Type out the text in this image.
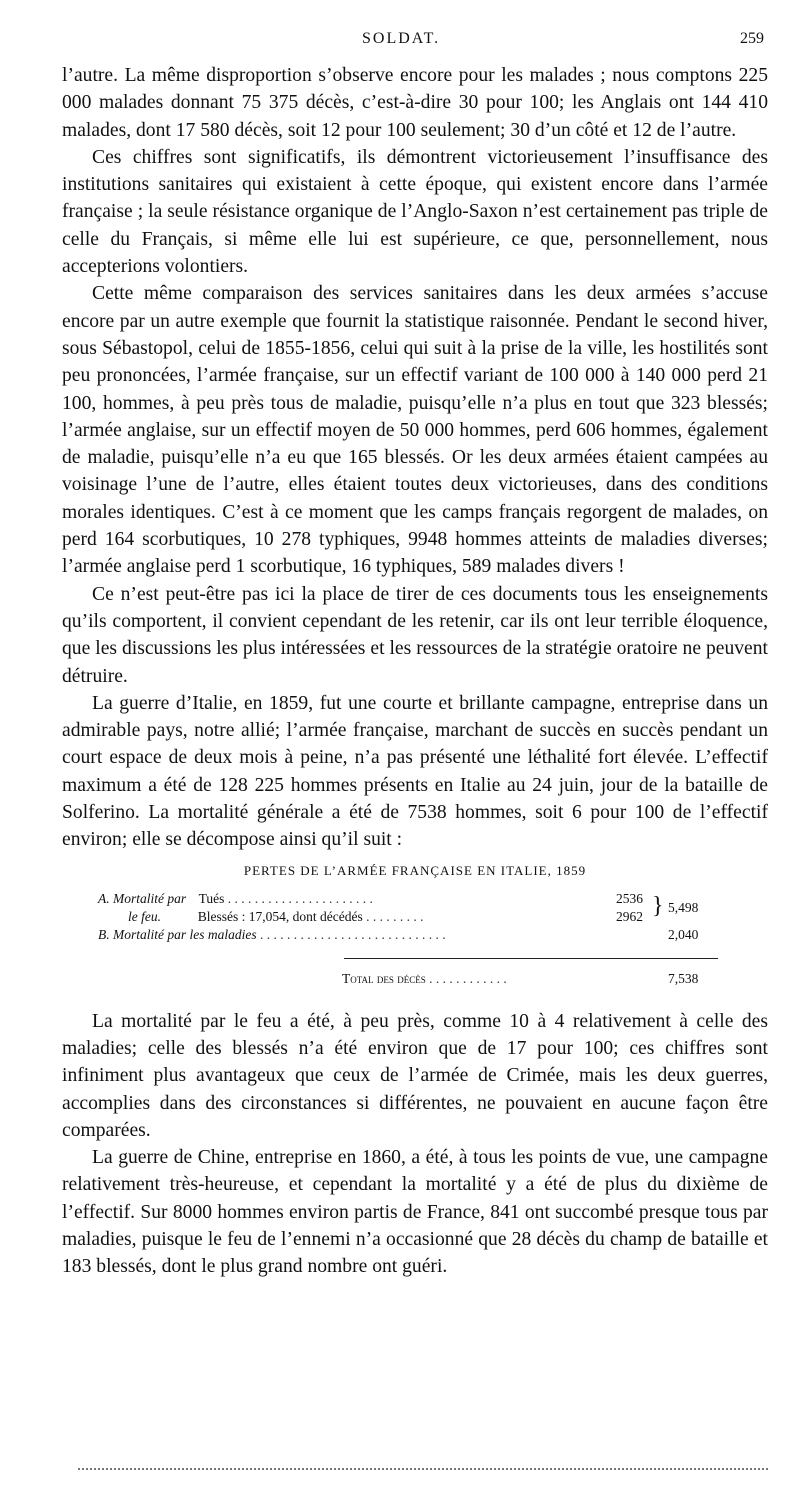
SOLDAT.	259

l’autre. La même disproportion s’observe encore pour les malades ; nous comptons 225 000 malades donnant 75 375 décès, c’est-à-dire 30 pour 100; les Anglais ont 144 410 malades, dont 17 580 décès, soit 12 pour 100 seulement; 30 d’un côté et 12 de l’autre.

Ces chiffres sont significatifs, ils démontrent victorieusement l’insuffisance des institutions sanitaires qui existaient à cette époque, qui existent encore dans l’armée française ; la seule résistance organique de l’Anglo-Saxon n’est certainement pas triple de celle du Français, si même elle lui est supérieure, ce que, personnellement, nous accepterions volontiers.

Cette même comparaison des services sanitaires dans les deux armées s’accuse encore par un autre exemple que fournit la statistique raisonnée. Pendant le second hiver, sous Sébastopol, celui de 1855-1856, celui qui suit à la prise de la ville, les hostilités sont peu prononcées, l’armée française, sur un effectif variant de 100 000 à 140 000 perd 21 100, hommes, à peu près tous de maladie, puisqu’elle n’a plus en tout que 323 blessés; l’armée anglaise, sur un effectif moyen de 50 000 hommes, perd 606 hommes, également de maladie, puisqu’elle n’a eu que 165 blessés. Or les deux armées étaient campées au voisinage l’une de l’autre, elles étaient toutes deux victorieuses, dans des conditions morales identiques. C’est à ce moment que les camps français regorgent de malades, on perd 164 scorbutiques, 10 278 typhiques, 9948 hommes atteints de maladies diverses; l’armée anglaise perd 1 scorbutique, 16 typhiques, 589 malades divers !

Ce n’est peut-être pas ici la place de tirer de ces documents tous les enseignements qu’ils comportent, il convient cependant de les retenir, car ils ont leur terrible éloquence, que les discussions les plus intéressées et les ressources de la stratégie oratoire ne peuvent détruire.

La guerre d’Italie, en 1859, fut une courte et brillante campagne, entreprise dans un admirable pays, notre allié; l’armée française, marchant de succès en succès pendant un court espace de deux mois à peine, n’a pas présenté une léthalité fort élevée. L’effectif maximum a été de 128 225 hommes présents en Italie au 24 juin, jour de la bataille de Solferino. La mortalité générale a été de 7538 hommes, soit 6 pour 100 de l’effectif environ; elle se décompose ainsi qu’il suit :

PERTES DE L’ARMÉE FRANÇAISE EN ITALIE, 1859
A. Mortalité par Tués . . . . . . . . . . . . . . . . . . . . . .	2536
le feu.	Blessés : 17,054, dont décédés . . . . . . . . .	2962 } 5,498
B. Mortalité par les maladies . . . . . . . . . . . . . . . . . . . . . . . . . . . .	2,040
Total des décès . . . . . . . . . . . .	7,538

La mortalité par le feu a été, à peu près, comme 10 à 4 relativement à celle des maladies; celle des blessés n’a été environ que de 17 pour 100; ces chiffres sont infiniment plus avantageux que ceux de l’armée de Crimée, mais les deux guerres, accomplies dans des circonstances si différentes, ne pouvaient en aucune façon être comparées.

La guerre de Chine, entreprise en 1860, a été, à tous les points de vue, une campagne relativement très-heureuse, et cependant la mortalité y a été de plus du dixième de l’effectif. Sur 8000 hommes environ partis de France, 841 ont succombé presque tous par maladies, puisque le feu de l’ennemi n’a occasionné que 28 décès du champ de bataille et 183 blessés, dont le plus grand nombre ont guéri.
